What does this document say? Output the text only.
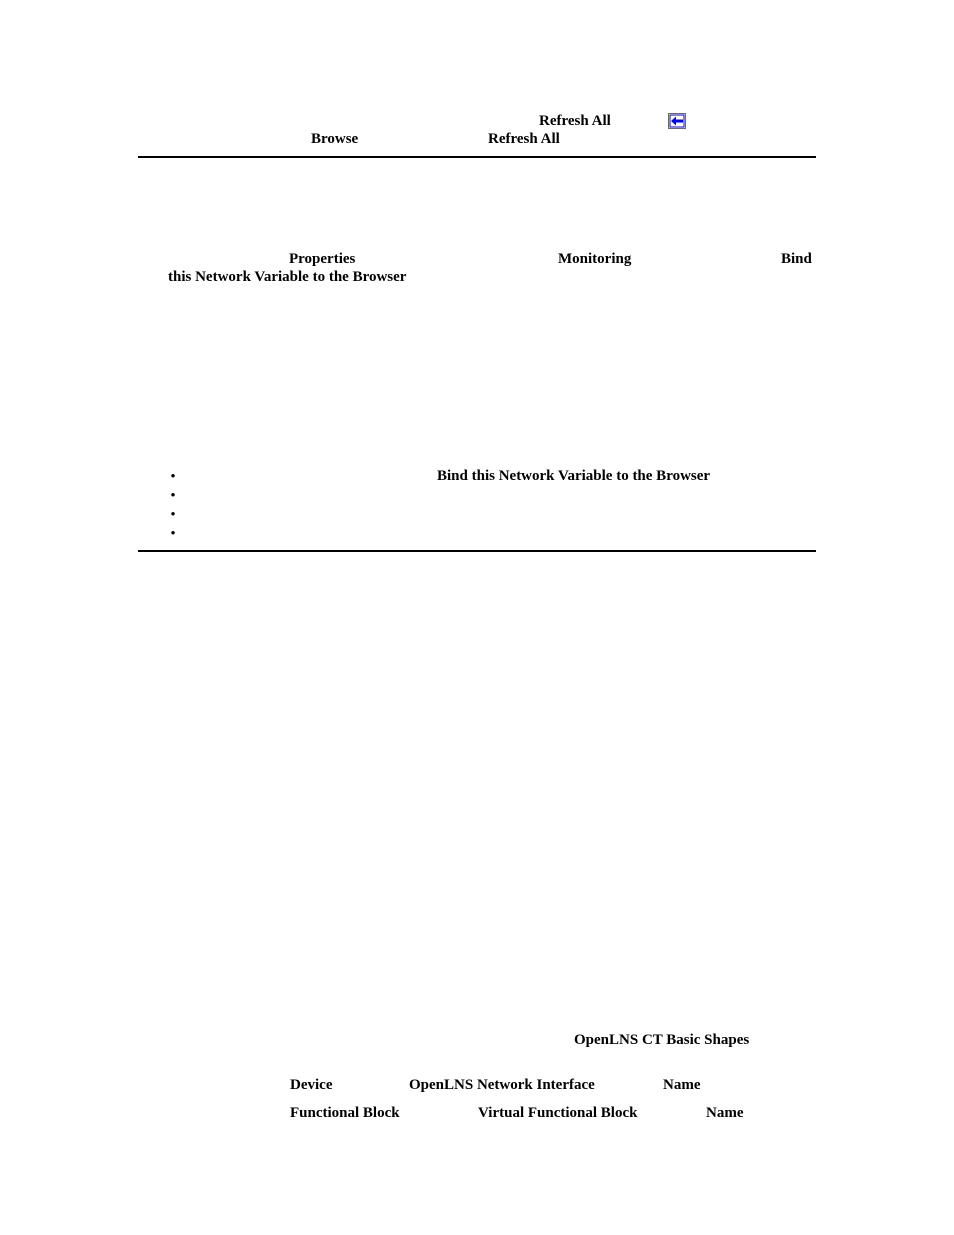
Refresh All
Browse	Refresh All
Properties	Monitoring	Bind
this Network Variable to the Browser
•	Bind this Network Variable to the Browser
•
•
•
OpenLNS CT Basic Shapes
Device	OpenLNS Network Interface	Name
Functional Block	Virtual Functional Block	Name
